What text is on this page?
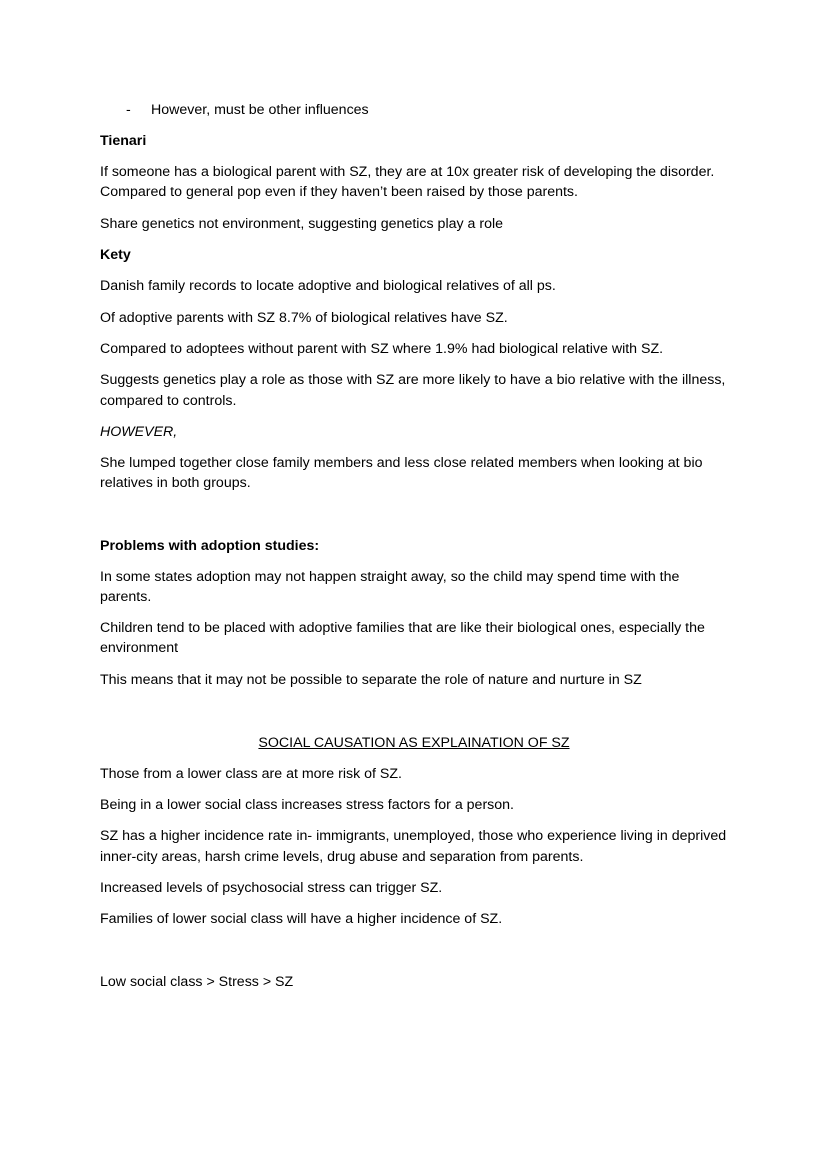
- However, must be other influences
Tienari
If someone has a biological parent with SZ, they are at 10x greater risk of developing the disorder.
Compared to general pop even if they haven’t been raised by those parents.
Share genetics not environment, suggesting genetics play a role
Kety
Danish family records to locate adoptive and biological relatives of all ps.
Of adoptive parents with SZ 8.7% of biological relatives have SZ.
Compared to adoptees without parent with SZ where 1.9% had biological relative with SZ.
Suggests genetics play a role as those with SZ are more likely to have a bio relative with the illness,
compared to controls.
HOWEVER,
She lumped together close family members and less close related members when looking at bio
relatives in both groups.
Problems with adoption studies:
In some states adoption may not happen straight away, so the child may spend time with the
parents.
Children tend to be placed with adoptive families that are like their biological ones, especially the
environment
This means that it may not be possible to separate the role of nature and nurture in SZ
SOCIAL CAUSATION AS EXPLAINATION OF SZ
Those from a lower class are at more risk of SZ.
Being in a lower social class increases stress factors for a person.
SZ has a higher incidence rate in- immigrants, unemployed, those who experience living in deprived
inner-city areas, harsh crime levels, drug abuse and separation from parents.
Increased levels of psychosocial stress can trigger SZ.
Families of lower social class will have a higher incidence of SZ.
Low social class > Stress > SZ
